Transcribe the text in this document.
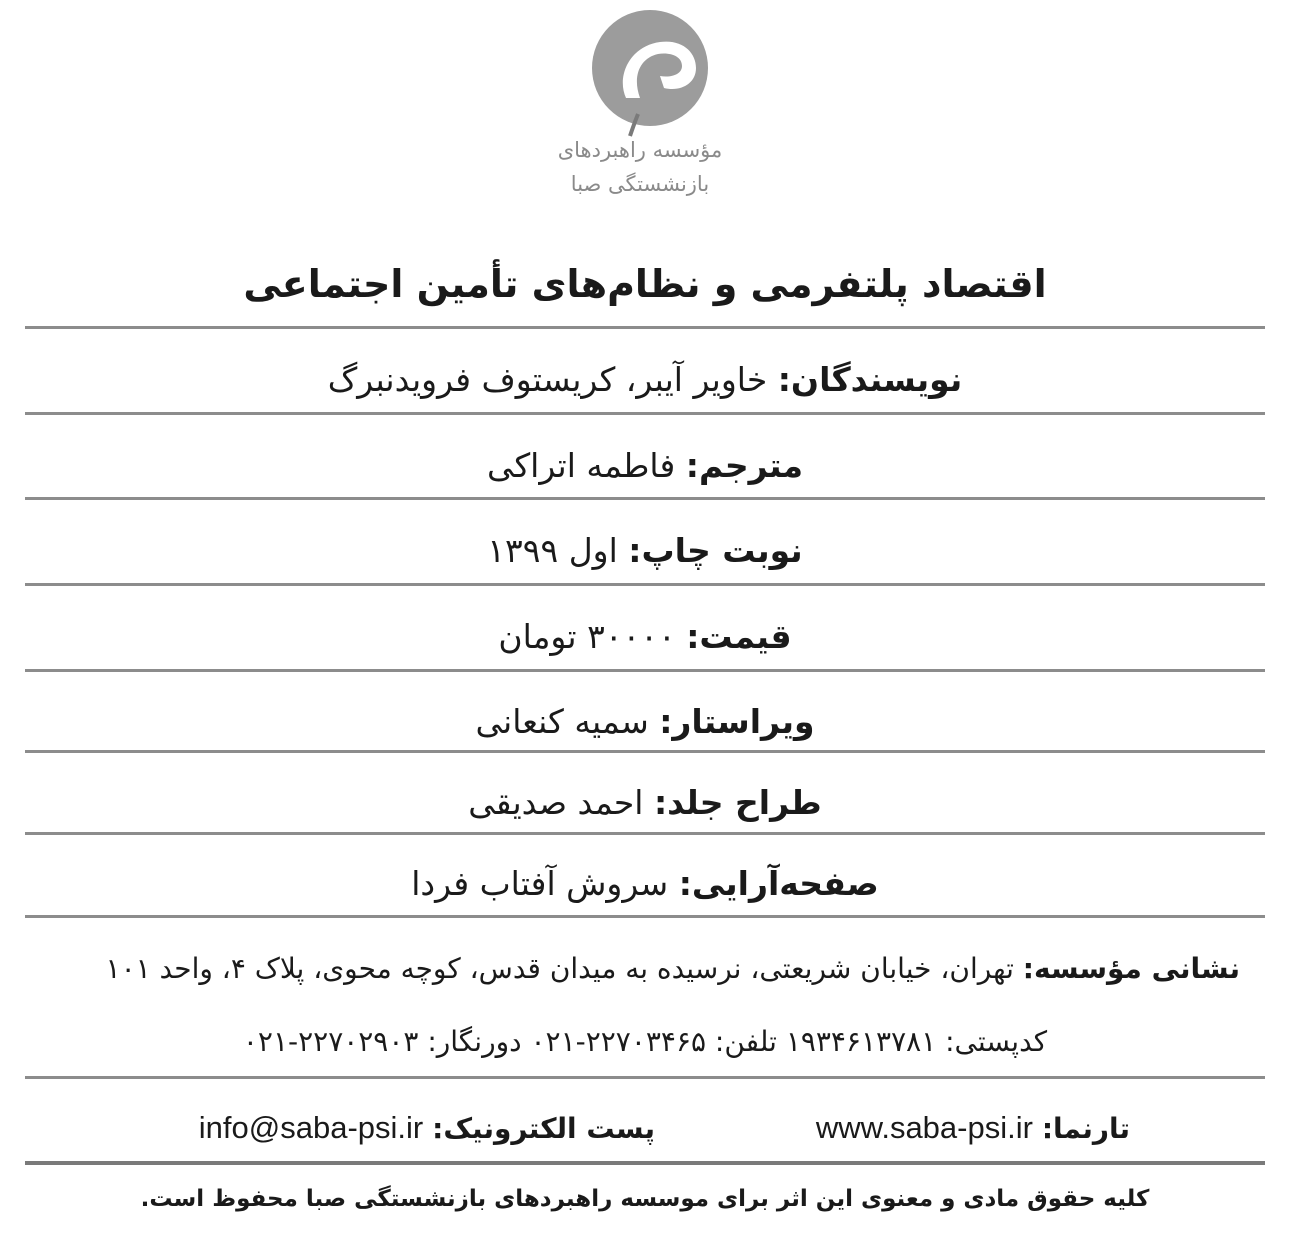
مؤسسه راهبردهای
بازنشستگی صبا
اقتصاد پلتفرمی و نظام‌های تأمین اجتماعی
نویسندگان: خاویر آیبر، کریستوف فرویدنبرگ
مترجم: فاطمه اتراکی
نوبت چاپ: اول ۱۳۹۹
قیمت: ۳۰۰۰۰ تومان
ویراستار: سمیه کنعانی
طراح جلد: احمد صدیقی
صفحه‌آرایی: سروش آفتاب فردا
نشانی مؤسسه: تهران، خیابان شریعتی، نرسیده به میدان قدس، کوچه محوی، پلاک ۴، واحد ۱۰۱
کدپستی: ۱۹۳۴۶۱۳۷۸۱ تلفن: ۲۲۷۰۳۴۶۵-۰۲۱ دورنگار: ۲۲۷۰۲۹۰۳-۰۲۱
تارنما: www.saba-psi.ir
پست الکترونیک: info@saba-psi.ir
کلیه حقوق مادی و معنوی این اثر برای موسسه راهبردهای بازنشستگی صبا محفوظ است.
